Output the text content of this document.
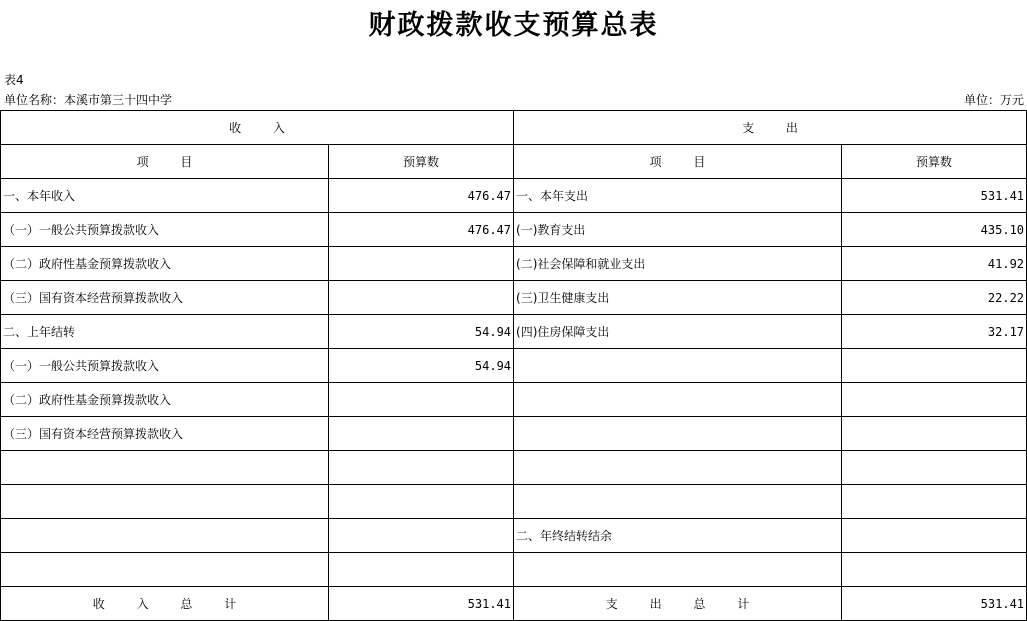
财政拨款收支预算总表
表4
单位名称：本溪市第三十四中学	单位：万元
收 入		支 出	
项 目	预算数	项 目	预算数
一、本年收入	476.47	一、本年支出	531.41
（一）一般公共预算拨款收入	476.47	(一)教育支出	435.10
（二）政府性基金预算拨款收入		(二)社会保障和就业支出	41.92
（三）国有资本经营预算拨款收入		(三)卫生健康支出	22.22
二、上年结转	54.94	(四)住房保障支出	32.17
（一）一般公共预算拨款收入	54.94		
（二）政府性基金预算拨款收入			
（三）国有资本经营预算拨款收入			

		二、年终结转结余	

收 入 总 计	531.41	支 出 总 计	531.41
